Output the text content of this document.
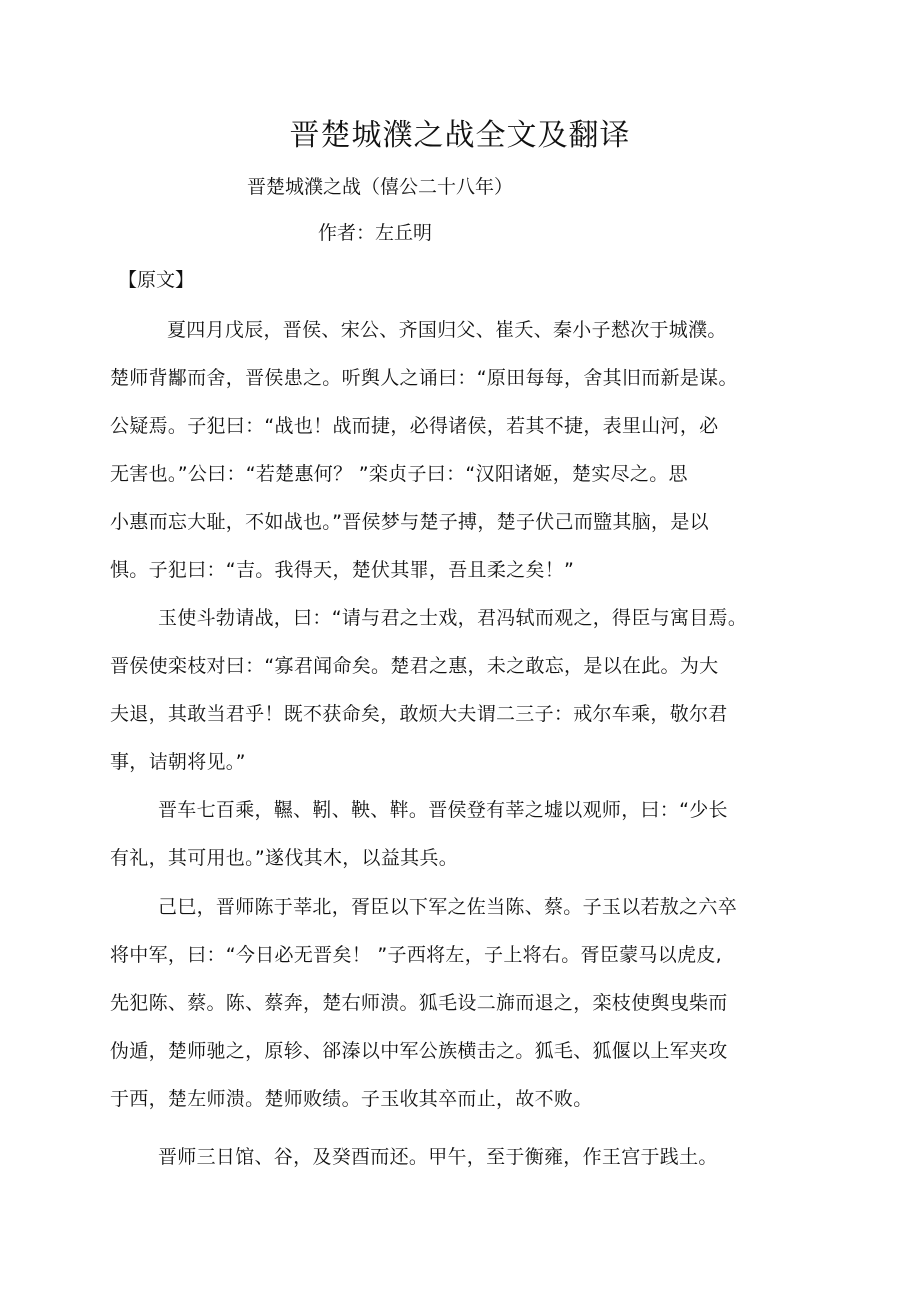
晋楚城濮之战全文及翻译
晋楚城濮之战（僖公二十八年）
作者：左丘明
【原文】
夏四月戊辰，晋侯、宋公、齐国归父、崔夭、秦小子慭次于城濮。
楚师背酅而舍，晋侯患之。听舆人之诵曰：“原田每每，舍其旧而新是谋。
公疑焉。子犯曰：“战也！战而捷，必得诸侯，若其不捷，表里山河，必
无害也。”公曰：“若楚惠何？ ”栾贞子曰：“汉阳诸姬，楚实尽之。思
小惠而忘大耻，不如战也。”晋侯梦与楚子搏，楚子伏己而盬其脑，是以
惧。子犯曰：“吉。我得天，楚伏其罪，吾且柔之矣！”
玉使斗勃请战，曰：“请与君之士戏，君冯轼而观之，得臣与寓目焉。
晋侯使栾枝对曰：“寡君闻命矣。楚君之惠，未之敢忘，是以在此。为大
夫退，其敢当君乎！既不获命矣，敢烦大夫谓二三子：戒尔车乘，敬尔君
事，诘朝将见。”
晋车七百乘，韅、靷、鞅、靽。晋侯登有莘之墟以观师，曰：“少长
有礼，其可用也。”遂伐其木，以益其兵。
己巳，晋师陈于莘北，胥臣以下军之佐当陈、蔡。子玉以若敖之六卒
将中军，曰：“今日必无晋矣！ ”子西将左，子上将右。胥臣蒙马以虎皮,
先犯陈、蔡。陈、蔡奔，楚右师溃。狐毛设二旆而退之，栾枝使舆曳柴而
伪遁，楚师驰之，原轸、郤溱以中军公族横击之。狐毛、狐偃以上军夹攻
于西，楚左师溃。楚师败绩。子玉收其卒而止，故不败。
晋师三日馆、谷，及癸酉而还。甲午，至于衡雍，作王宫于践土。
